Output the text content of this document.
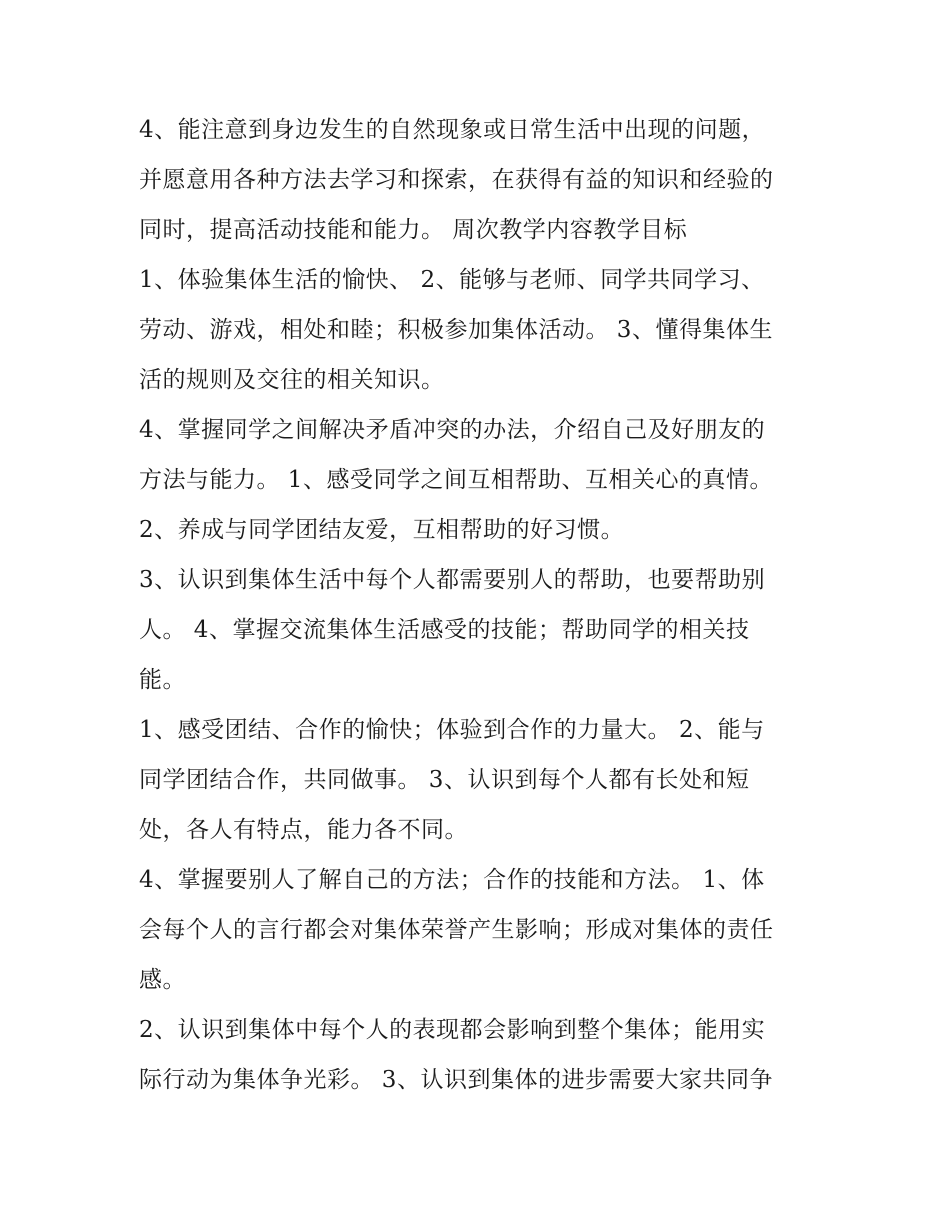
4、能注意到身边发生的自然现象或日常生活中出现的问题，
并愿意用各种方法去学习和探索，在获得有益的知识和经验的
同时，提高活动技能和能力。 周次教学内容教学目标
1、体验集体生活的愉快、 2、能够与老师、同学共同学习、
劳动、游戏，相处和睦；积极参加集体活动。 3、懂得集体生
活的规则及交往的相关知识。
4、掌握同学之间解决矛盾冲突的办法，介绍自己及好朋友的
方法与能力。 1、感受同学之间互相帮助、互相关心的真情。
2、养成与同学团结友爱，互相帮助的好习惯。
3、认识到集体生活中每个人都需要别人的帮助，也要帮助别
人。 4、掌握交流集体生活感受的技能；帮助同学的相关技
能。
1、感受团结、合作的愉快；体验到合作的力量大。 2、能与
同学团结合作，共同做事。 3、认识到每个人都有长处和短
处，各人有特点，能力各不同。
4、掌握要别人了解自己的方法；合作的技能和方法。 1、体
会每个人的言行都会对集体荣誉产生影响；形成对集体的责任
感。
2、认识到集体中每个人的表现都会影响到整个集体；能用实
际行动为集体争光彩。 3、认识到集体的进步需要大家共同争
